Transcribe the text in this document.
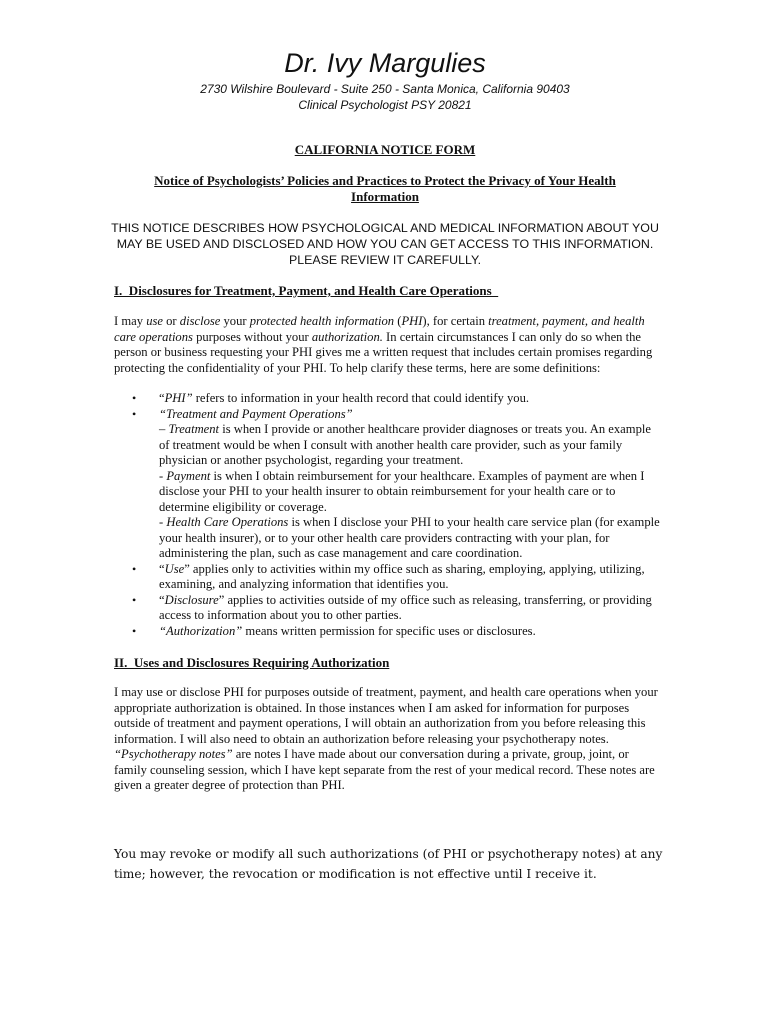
Dr. Ivy Margulies
2730 Wilshire Boulevard - Suite 250 - Santa Monica, California 90403
Clinical Psychologist PSY 20821
CALIFORNIA NOTICE FORM
Notice of Psychologists’ Policies and Practices to Protect the Privacy of Your Health Information
THIS NOTICE DESCRIBES HOW PSYCHOLOGICAL AND MEDICAL INFORMATION ABOUT YOU MAY BE USED AND DISCLOSED AND HOW YOU CAN GET ACCESS TO THIS INFORMATION. PLEASE REVIEW IT CAREFULLY.
I.  Disclosures for Treatment, Payment, and Health Care Operations
I may use or disclose your protected health information (PHI), for certain treatment, payment, and health care operations purposes without your authorization. In certain circumstances I can only do so when the person or business requesting your PHI gives me a written request that includes certain promises regarding protecting the confidentiality of your PHI. To help clarify these terms, here are some definitions:
• “PHI” refers to information in your health record that could identify you.
• “Treatment and Payment Operations”
– Treatment is when I provide or another healthcare provider diagnoses or treats you. An example of treatment would be when I consult with another health care provider, such as your family physician or another psychologist, regarding your treatment.
- Payment is when I obtain reimbursement for your healthcare. Examples of payment are when I disclose your PHI to your health insurer to obtain reimbursement for your health care or to determine eligibility or coverage.
- Health Care Operations is when I disclose your PHI to your health care service plan (for example your health insurer), or to your other health care providers contracting with your plan, for administering the plan, such as case management and care coordination.
• “Use” applies only to activities within my office such as sharing, employing, applying, utilizing, examining, and analyzing information that identifies you.
• “Disclosure” applies to activities outside of my office such as releasing, transferring, or providing access to information about you to other parties.
• “Authorization” means written permission for specific uses or disclosures.
II.  Uses and Disclosures Requiring Authorization
I may use or disclose PHI for purposes outside of treatment, payment, and health care operations when your appropriate authorization is obtained. In those instances when I am asked for information for purposes outside of treatment and payment operations, I will obtain an authorization from you before releasing this information. I will also need to obtain an authorization before releasing your psychotherapy notes. “Psychotherapy notes” are notes I have made about our conversation during a private, group, joint, or family counseling session, which I have kept separate from the rest of your medical record. These notes are given a greater degree of protection than PHI.
You may revoke or modify all such authorizations (of PHI or psychotherapy notes) at any time; however, the revocation or modification is not effective until I receive it.
